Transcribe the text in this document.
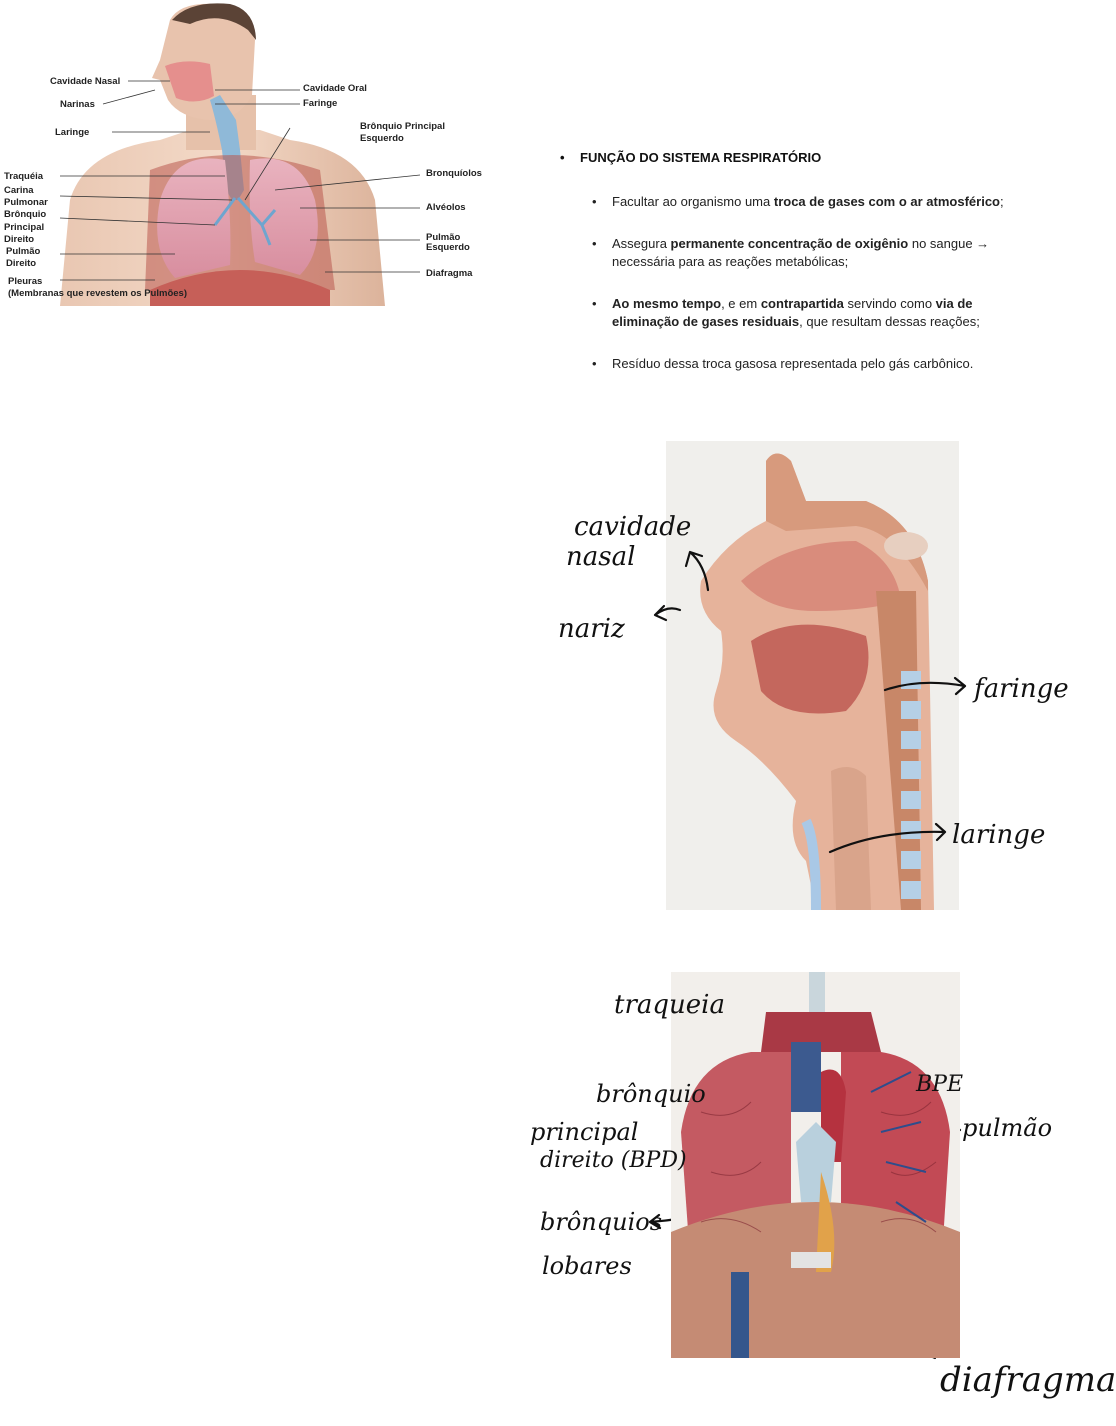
Cavidade Nasal
Narinas
Laringe
Traquéia
Carina
Pulmonar
Brônquio
Principal
Direito
Pulmão
Direito
Pleuras
(Membranas que revestem os Pulmões)
Cavidade Oral
Faringe
Brônquio Principal
Esquerdo
Bronquíolos
Alvéolos
Pulmão
Esquerdo
Diafragma
• FUNÇÃO DO SISTEMA RESPIRATÓRIO
• Facultar ao organismo uma troca de gases com o ar atmosférico;
• Assegura permanente concentração de oxigênio no sangue → necessária para as reações metabólicas;
• Ao mesmo tempo, e em contrapartida servindo como via de eliminação de gases residuais, que resultam dessas reações;
• Resíduo dessa troca gasosa representada pelo gás carbônico.
cavidade
nasal
nariz
faringe
laringe
traqueia
brônquio
principal
direito (BPD)
BPE
pulmão
brônquios
lobares
diafragma
